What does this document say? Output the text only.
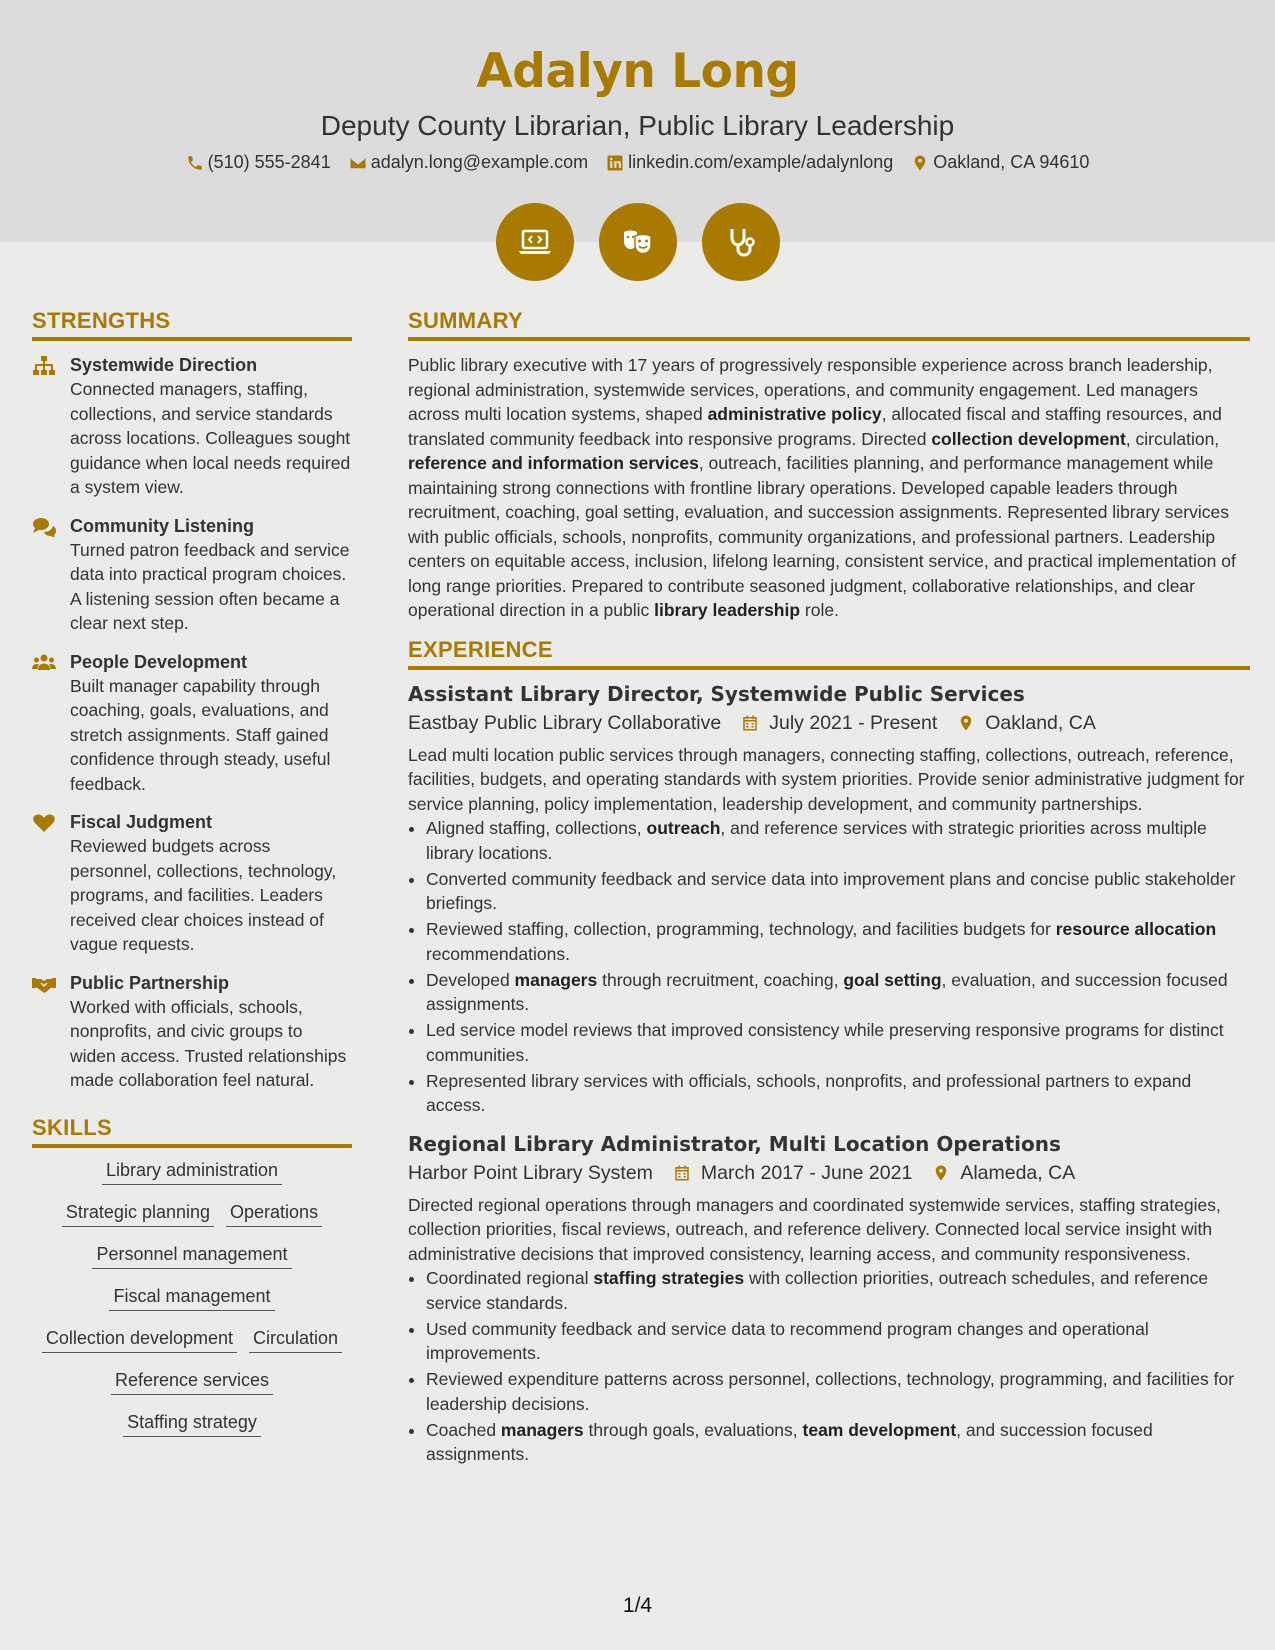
Adalyn Long
Deputy County Librarian, Public Library Leadership
(510) 555-2841 adalyn.long@example.com linkedin.com/example/adalynlong Oakland, CA 94610
STRENGTHS
Systemwide Direction
Connected managers, staffing, collections, and service standards across locations. Colleagues sought guidance when local needs required a system view.
Community Listening
Turned patron feedback and service data into practical program choices. A listening session often became a clear next step.
People Development
Built manager capability through coaching, goals, evaluations, and stretch assignments. Staff gained confidence through steady, useful feedback.
Fiscal Judgment
Reviewed budgets across personnel, collections, technology, programs, and facilities. Leaders received clear choices instead of vague requests.
Public Partnership
Worked with officials, schools, nonprofits, and civic groups to widen access. Trusted relationships made collaboration feel natural.
SKILLS
Library administration
Strategic planning Operations
Personnel management
Fiscal management
Collection development Circulation
Reference services
Staffing strategy
SUMMARY

Public library executive with 17 years of progressively responsible experience across branch leadership, regional administration, systemwide services, operations, and community engagement. Led managers across multi location systems, shaped administrative policy, allocated fiscal and staffing resources, and translated community feedback into responsive programs. Directed collection development, circulation, reference and information services, outreach, facilities planning, and performance management while maintaining strong connections with frontline library operations. Developed capable leaders through recruitment, coaching, goal setting, evaluation, and succession assignments. Represented library services with public officials, schools, nonprofits, community organizations, and professional partners. Leadership centers on equitable access, inclusion, lifelong learning, consistent service, and practical implementation of long range priorities. Prepared to contribute seasoned judgment, collaborative relationships, and clear operational direction in a public library leadership role.

EXPERIENCE
Assistant Library Director, Systemwide Public Services
Eastbay Public Library Collaborative July 2021 - Present Oakland, CA

Lead multi location public services through managers, connecting staffing, collections, outreach, reference, facilities, budgets, and operating standards with system priorities. Provide senior administrative judgment for service planning, policy implementation, leadership development, and community partnerships.

• Aligned staffing, collections, outreach, and reference services with strategic priorities across multiple library locations.
• Converted community feedback and service data into improvement plans and concise public stakeholder briefings.
• Reviewed staffing, collection, programming, technology, and facilities budgets for resource allocation recommendations.
• Developed managers through recruitment, coaching, goal setting, evaluation, and succession focused assignments.
• Led service model reviews that improved consistency while preserving responsive programs for distinct communities.
• Represented library services with officials, schools, nonprofits, and professional partners to expand access.
Regional Library Administrator, Multi Location Operations
Harbor Point Library System March 2017 - June 2021 Alameda, CA

Directed regional operations through managers and coordinated systemwide services, staffing strategies, collection priorities, fiscal reviews, outreach, and reference delivery. Connected local service insight with administrative decisions that improved consistency, learning access, and community responsiveness.

• Coordinated regional staffing strategies with collection priorities, outreach schedules, and reference service standards.
• Used community feedback and service data to recommend program changes and operational improvements.
• Reviewed expenditure patterns across personnel, collections, technology, programming, and facilities for leadership decisions.
• Coached managers through goals, evaluations, team development, and succession focused assignments.
1/4
